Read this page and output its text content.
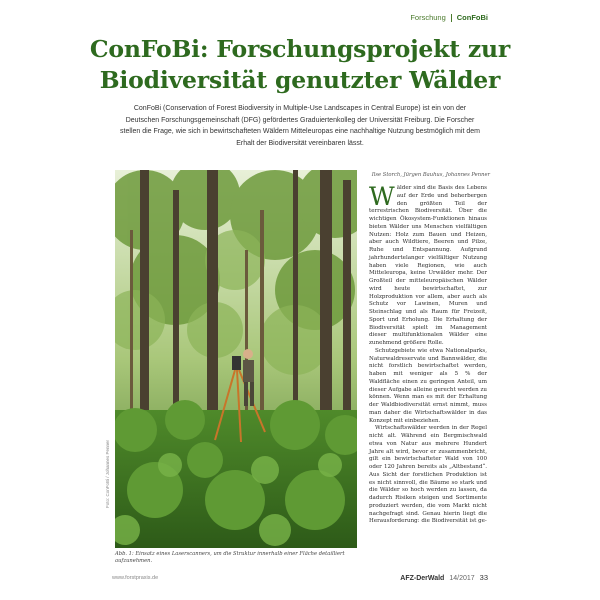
Forschung ConFoBi
ConFoBi: Forschungsprojekt zur
Biodiversität genutzter Wälder

ConFoBi (Conservation of Forest Biodiversity in Multiple-Use Landscapes in Central Europe) ist ein von der Deutschen Forschungsgemeinschaft (DFG) gefördertes Graduiertenkolleg der Universität Freiburg. Die Forscher stellen die Frage, wie sich in bewirtschafteten Wäldern Mitteleuropas eine nachhaltige Nutzung bestmöglich mit dem Erhalt der Biodiversität vereinbaren lässt.

Foto: ConFoBi / Johannes Penner

Abb. 1: Einsatz eines Laserscanners, um die Struktur innerhalb einer Fläche detailliert aufzunehmen.

Ilse Storch, Jürgen Bauhus, Johannes Penner

Wälder sind die Basis des Lebens auf der Erde und beherbergen den größten Teil der terrestrischen Biodiversität. Über die wichtigen Ökosystem-Funktionen hinaus bieten Wälder uns Menschen vielfältigen Nutzen: Holz zum Bauen und Heizen, aber auch Wildtiere, Beeren und Pilze, Ruhe und Entspannung. Aufgrund jahrhundertelanger vielfältiger Nutzung haben viele Regionen, wie auch Mitteleuropa, keine Urwälder mehr. Der Großteil der mitteleuropäischen Wälder wird heute bewirtschaftet, zur Holzproduktion vor allem, aber auch als Schutz vor Lawinen, Muren und Steinschlag und als Raum für Freizeit, Sport und Erholung. Die Erhaltung der Biodiversität spielt im Management dieser multifunktionalen Wälder eine zunehmend größere Rolle.

Schutzgebiete wie etwa Nationalparks, Naturwaldreservate und Bannwälder, die nicht forstlich bewirtschaftet werden, haben mit weniger als 5 % der Waldfläche einen zu geringen Anteil, um dieser Aufgabe alleine gerecht werden zu können. Wenn man es mit der Erhaltung der Waldbiodiversität ernst nimmt, muss man daher die Wirtschaftswälder in das Konzept mit einbeziehen.

Wirtschaftswälder werden in der Regel nicht alt. Während ein Bergmischwald etwa von Natur aus mehrere Hundert Jahre alt wird, bevor er zusammenbricht, gilt ein bewirtschafteter Wald von 100 oder 120 Jahren bereits als „Altbestand“. Aus Sicht der forstlichen Produktion ist es nicht sinnvoll, die Bäume so stark und die Wälder so hoch werden zu lassen, da dadurch Risiken steigen und Sortimente produziert werden, die vom Markt nicht nachgefragt sind. Genau hierin liegt die Herausforderung: die Biodiversität ist ge-

www.forstpraxis.de	AFZ-DerWald 14/2017 33
